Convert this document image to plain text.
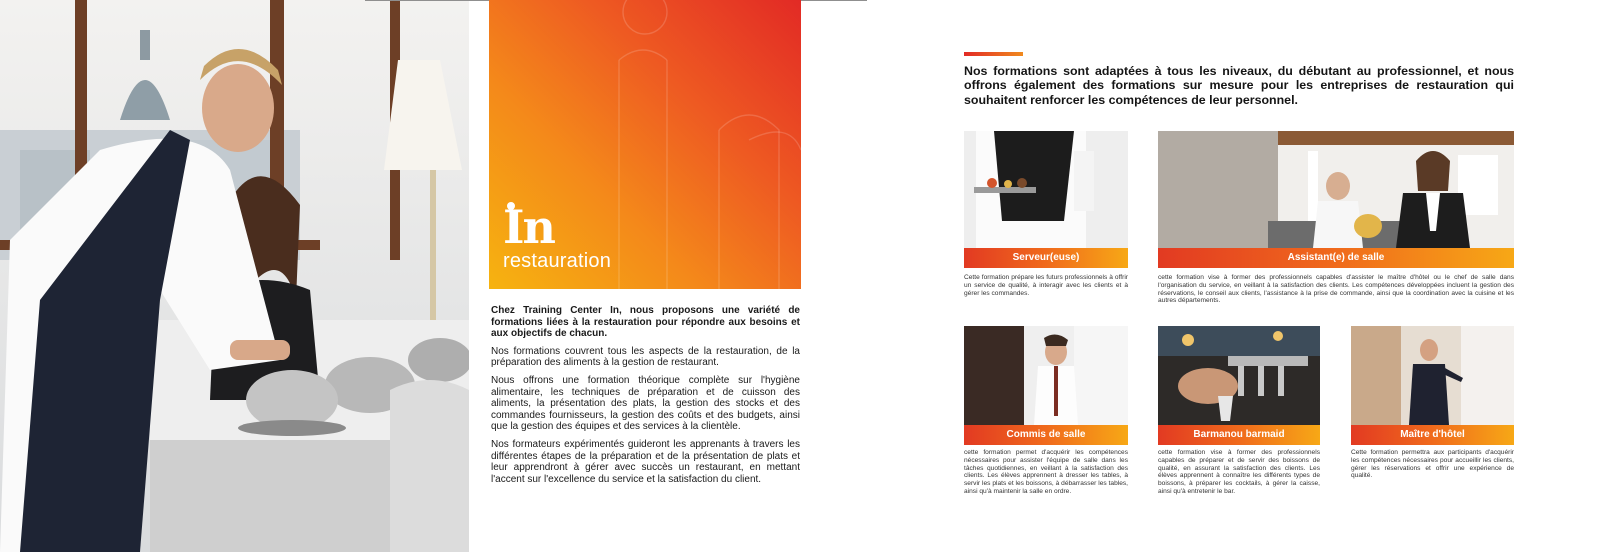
In
restauration

Chez Training Center In, nous proposons une variété de formations liées à la restauration pour répondre aux besoins et aux objectifs de chacun.

Nos formations couvrent tous les aspects de la restauration, de la préparation des aliments à la gestion de restaurant.

Nous offrons une formation théorique complète sur l'hygiène alimentaire, les techniques de préparation et de cuisson des aliments, la présentation des plats, la gestion des stocks et des commandes fournisseurs, la gestion des coûts et des budgets, ainsi que la gestion des équipes et des services à la clientèle.

Nos formateurs expérimentés guideront les apprenants à travers les différentes étapes de la préparation et de la présentation de plats et leur apprendront à gérer avec succès un restaurant, en mettant l'accent sur l'excellence du service et la satisfaction du client.

Nos formations sont adaptées à tous les niveaux, du débutant au professionnel, et nous offrons également des formations sur mesure pour les entreprises de restauration qui souhaitent renforcer les compétences de leur personnel.
Serveur(euse)
Cette formation prépare les futurs professionnels à offrir un service de qualité, à interagir avec les clients et à gérer les commandes.
Assistant(e) de salle
cette formation vise à former des professionnels capables d'assister le maître d'hôtel ou le chef de salle dans l'organisation du service, en veillant à la satisfaction des clients. Les compétences développées incluent la gestion des réservations, le conseil aux clients, l'assistance à la prise de commande, ainsi que la coordination avec la cuisine et les autres départements.
Commis de salle
cette formation permet d'acquérir les compétences nécessaires pour assister l'équipe de salle dans les tâches quotidiennes, en veillant à la satisfaction des clients. Les élèves apprennent à dresser les tables, à servir les plats et les boissons, à débarrasser les tables, ainsi qu'à maintenir la salle en ordre.
Barmanou barmaid
cette formation vise à former des professionnels capables de préparer et de servir des boissons de qualité, en assurant la satisfaction des clients. Les élèves apprennent à connaître les différents types de boissons, à préparer les cocktails, à gérer la caisse, ainsi qu'à entretenir le bar.
Maître d'hôtel
Cette formation permettra aux participants d'acquérir les compétences nécessaires pour accueillir les clients, gérer les réservations et offrir une expérience de qualité.
